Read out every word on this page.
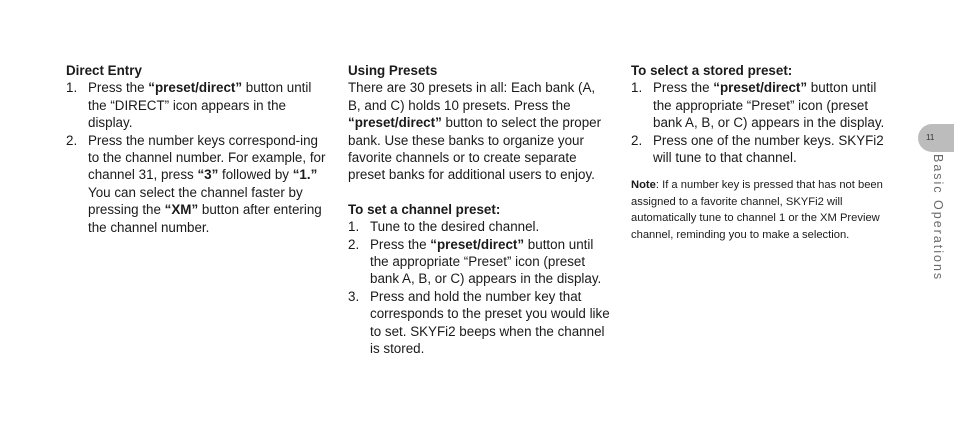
Direct Entry

1. Press the “preset/direct” button until the “DIRECT” icon appears in the display.
2. Press the number keys correspond-ing to the channel number. For example, for channel 31, press “3” followed by “1.” You can select the channel faster by pressing the “XM” button after entering the channel number.

Using Presets

There are 30 presets in all: Each bank (A, B, and C) holds 10 presets. Press the “preset/direct” button to select the proper bank. Use these banks to organize your favorite channels or to create separate preset banks for additional users to enjoy.

To set a channel preset:

1. Tune to the desired channel.
2. Press the “preset/direct” button until the appropriate “Preset” icon (preset bank A, B, or C) appears in the display.
3. Press and hold the number key that corresponds to the preset you would like to set. SKYFi2 beeps when the channel is stored.

To select a stored preset:

1. Press the “preset/direct” button until the appropriate “Preset” icon (preset bank A, B, or C) appears in the display.
2. Press one of the number keys. SKYFi2 will tune to that channel.

Note: If a number key is pressed that has not been assigned to a favorite channel, SKYFi2 will automatically tune to channel 1 or the XM Preview channel, reminding you to make a selection.

11
Basic Operations
